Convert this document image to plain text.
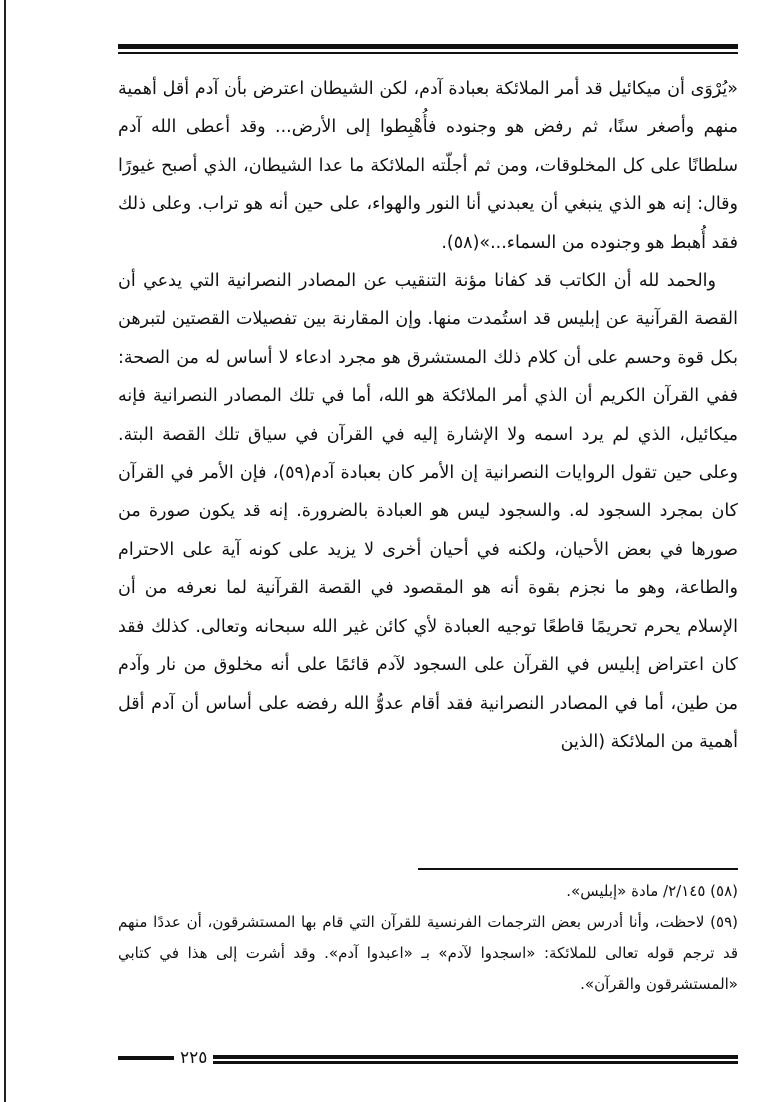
«يُرْوَى أن ميكائيل قد أمر الملائكة بعبادة آدم، لكن الشيطان اعترض بأن آدم أقل أهمية منهم وأصغر سنًا، ثم رفض هو وجنوده فأُهْبِطوا إلى الأرض... وقد أعطى الله آدم سلطانًا على كل المخلوقات، ومن ثم أجلّته الملائكة ما عدا الشيطان، الذي أصبح غيورًا وقال: إنه هو الذي ينبغي أن يعبدني أنا النور والهواء، على حين أنه هو تراب. وعلى ذلك فقد أُهبط هو وجنوده من السماء...»(٥٨).

والحمد لله أن الكاتب قد كفانا مؤنة التنقيب عن المصادر النصرانية التي يدعي أن القصة القرآنية عن إبليس قد استُمدت منها. وإن المقارنة بين تفصيلات القصتين لتبرهن بكل قوة وحسم على أن كلام ذلك المستشرق هو مجرد ادعاء لا أساس له من الصحة: ففي القرآن الكريم أن الذي أمر الملائكة هو الله، أما في تلك المصادر النصرانية فإنه ميكائيل، الذي لم يرد اسمه ولا الإشارة إليه في القرآن في سياق تلك القصة البتة. وعلى حين تقول الروايات النصرانية إن الأمر كان بعبادة آدم(٥٩)، فإن الأمر في القرآن كان بمجرد السجود له. والسجود ليس هو العبادة بالضرورة. إنه قد يكون صورة من صورها في بعض الأحيان، ولكنه في أحيان أخرى لا يزيد على كونه آية على الاحترام والطاعة، وهو ما نجزم بقوة أنه هو المقصود في القصة القرآنية لما نعرفه من أن الإسلام يحرم تحريمًا قاطعًا توجيه العبادة لأي كائن غير الله سبحانه وتعالى. كذلك فقد كان اعتراض إبليس في القرآن على السجود لآدم قائمًا على أنه مخلوق من نار وآدم من طين، أما في المصادر النصرانية فقد أقام عدوُّ الله رفضه على أساس أن آدم أقل أهمية من الملائكة (الذين

(٥٨) ٢/١٤٥/ مادة «إبليس».

(٥٩) لاحظت، وأنا أدرس بعض الترجمات الفرنسية للقرآن التي قام بها المستشرقون، أن عددًا منهم قد ترجم قوله تعالى للملائكة: «اسجدوا لآدم» بـ «اعبدوا آدم». وقد أشرت إلى هذا في كتابي «المستشرقون والقرآن».

٢٢٥
